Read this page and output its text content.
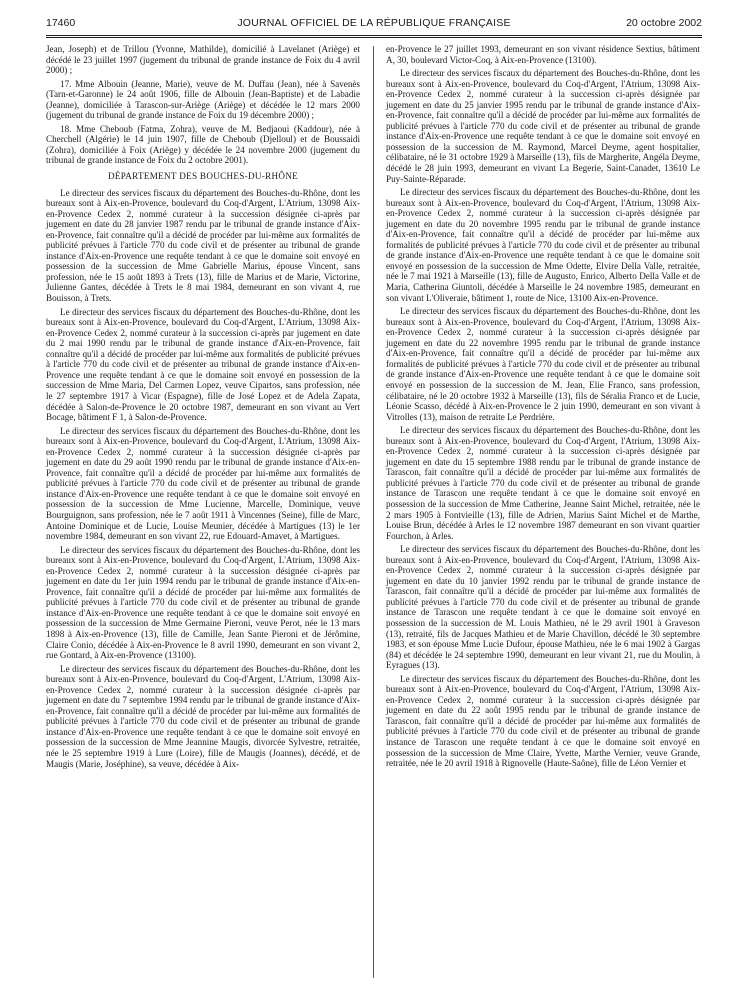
17460	JOURNAL OFFICIEL DE LA RÉPUBLIQUE FRANÇAISE	20 octobre 2002

Jean, Joseph) et de Trillou (Yvonne, Mathilde), domicilié à Lavelanet (Ariège) et décédé le 23 juillet 1997 (jugement du tribunal de grande instance de Foix du 4 avril 2000) ;

17. Mme Albouin (Jeanne, Marie), veuve de M. Duffau (Jean), née à Savenès (Tarn-et-Garonne) le 24 août 1906, fille de Albouin (Jean-Baptiste) et de Labadie (Jeanne), domiciliée à Tarascon-sur-Ariège (Ariège) et décédée le 12 mars 2000 (jugement du tribunal de grande instance de Foix du 19 décembre 2000) ;

18. Mme Cheboub (Fatma, Zohra), veuve de M. Bedjaoui (Kaddour), née à Cherchell (Algérie) le 14 juin 1907, fille de Cheboub (Djelloul) et de Boussaidi (Zohra), domiciliée à Foix (Ariège) y décédée le 24 novembre 2000 (jugement du tribunal de grande instance de Foix du 2 octobre 2001).

DÉPARTEMENT DES BOUCHES-DU-RHÔNE

Le directeur des services fiscaux du département des Bouches-du-Rhône, dont les bureaux sont à Aix-en-Provence, boulevard du Coq-d'Argent, L'Atrium, 13098 Aix-en-Provence Cedex 2, nommé curateur à la succession désignée ci-après par jugement en date du 28 janvier 1987 rendu par le tribunal de grande instance d'Aix-en-Provence, fait connaître qu'il a décidé de procéder par lui-même aux formalités de publicité prévues à l'article 770 du code civil et de présenter au tribunal de grande instance d'Aix-en-Provence une requête tendant à ce que le domaine soit envoyé en possession de la succession de Mme Gabrielle Marius, épouse Vincent, sans profession, née le 15 août 1893 à Trets (13), fille de Marius et de Marie, Victorine, Julienne Gantes, décédée à Trets le 8 mai 1984, demeurant en son vivant 4, rue Bouisson, à Trets.

Le directeur des services fiscaux du département des Bouches-du-Rhône, dont les bureaux sont à Aix-en-Provence, boulevard du Coq-d'Argent, L'Atrium, 13098 Aix-en-Provence Cedex 2, nommé curateur à la succession ci-après par jugement en date du 2 mai 1990 rendu par le tribunal de grande instance d'Aix-en-Provence, fait connaître qu'il a décidé de procéder par lui-même aux formalités de publicité prévues à l'article 770 du code civil et de présenter au tribunal de grande instance d'Aix-en-Provence une requête tendant à ce que le domaine soit envoyé en possession de la succession de Mme Maria, Del Carmen Lopez, veuve Cipartos, sans profession, née le 27 septembre 1917 à Vicar (Espagne), fille de José Lopez et de Adela Zapata, décédée à Salon-de-Provence le 20 octobre 1987, demeurant en son vivant au Vert Bocage, bâtiment F 1, à Salon-de-Provence.

Le directeur des services fiscaux du département des Bouches-du-Rhône, dont les bureaux sont à Aix-en-Provence, boulevard du Coq-d'Argent, L'Atrium, 13098 Aix-en-Provence Cedex 2, nommé curateur à la succession désignée ci-après par jugement en date du 29 août 1990 rendu par le tribunal de grande instance d'Aix-en-Provence, fait connaître qu'il a décidé de procéder par lui-même aux formalités de publicité prévues à l'article 770 du code civil et de présenter au tribunal de grande instance d'Aix-en-Provence une requête tendant à ce que le domaine soit envoyé en possession de la succession de Mme Lucienne, Marcelle, Dominique, veuve Bourguignon, sans profession, née le 7 août 1911 à Vincennes (Seine), fille de Marc, Antoine Dominique et de Lucie, Louise Meunier, décédée à Martigues (13) le 1er novembre 1984, demeurant en son vivant 22, rue Edouard-Amavet, à Martigues.

Le directeur des services fiscaux du département des Bouches-du-Rhône, dont les bureaux sont à Aix-en-Provence, boulevard du Coq-d'Argent, L'Atrium, 13098 Aix-en-Provence Cedex 2, nommé curateur à la succession désignée ci-après par jugement en date du 1er juin 1994 rendu par le tribunal de grande instance d'Aix-en-Provence, fait connaître qu'il a décidé de procéder par lui-même aux formalités de publicité prévues à l'article 770 du code civil et de présenter au tribunal de grande instance d'Aix-en-Provence une requête tendant à ce que le domaine soit envoyé en possession de la succession de Mme Germaine Pieroni, veuve Perot, née le 13 mars 1898 à Aix-en-Provence (13), fille de Camille, Jean Sante Pieroni et de Jérômine, Claire Conio, décédée à Aix-en-Provence le 8 avril 1990, demeurant en son vivant 2, rue Gontard, à Aix-en-Provence (13100).

Le directeur des services fiscaux du département des Bouches-du-Rhône, dont les bureaux sont à Aix-en-Provence, boulevard du Coq-d'Argent, L'Atrium, 13098 Aix-en-Provence Cedex 2, nommé curateur à la succession désignée ci-après par jugement en date du 7 septembre 1994 rendu par le tribunal de grande instance d'Aix-en-Provence, fait connaître qu'il a décidé de procéder par lui-même aux formalités de publicité prévues à l'article 770 du code civil et de présenter au tribunal de grande instance d'Aix-en-Provence une requête tendant à ce que le domaine soit envoyé en possession de la succession de Mme Jeannine Maugis, divorcée Sylvestre, retraitée, née le 25 septembre 1919 à Lure (Loire), fille de Maugis (Joannes), décédé, et de Maugis (Marie, Joséphine), sa veuve, décédée à Aix-

en-Provence le 27 juillet 1993, demeurant en son vivant résidence Sextius, bâtiment A, 30, boulevard Victor-Coq, à Aix-en-Provence (13100).

Le directeur des services fiscaux du département des Bouches-du-Rhône, dont les bureaux sont à Aix-en-Provence, boulevard du Coq-d'Argent, l'Atrium, 13098 Aix-en-Provence Cedex 2, nommé curateur à la succession ci-après désignée par jugement en date du 25 janvier 1995 rendu par le tribunal de grande instance d'Aix-en-Provence, fait connaître qu'il a décidé de procéder par lui-même aux formalités de publicité prévues à l'article 770 du code civil et de présenter au tribunal de grande instance d'Aix-en-Provence une requête tendant à ce que le domaine soit envoyé en possession de la succession de M. Raymond, Marcel Deyme, agent hospitalier, célibataire, né le 31 octobre 1929 à Marseille (13), fils de Margherite, Angéla Deyme, décédé le 28 juin 1993, demeurant en vivant La Begerie, Saint-Canadet, 13610 Le Puy-Sainte-Réparade.

Le directeur des services fiscaux du département des Bouches-du-Rhône, dont les bureaux sont à Aix-en-Provence, boulevard du Coq-d'Argent, l'Atrium, 13098 Aix-en-Provence Cedex 2, nommé curateur à la succession ci-après désignée par jugement en date du 20 novembre 1995 rendu par le tribunal de grande instance d'Aix-en-Provence, fait connaître qu'il a décidé de procéder par lui-même aux formalités de publicité prévues à l'article 770 du code civil et de présenter au tribunal de grande instance d'Aix-en-Provence une requête tendant à ce que le domaine soit envoyé en possession de la succession de Mme Odette, Elvire Della Valle, retraitée, née le 7 mai 1921 à Marseille (13), fille de Augusto, Enrico, Alberto Della Valle et de Maria, Catherina Giuntoli, décédée à Marseille le 24 novembre 1985, demeurant en son vivant L'Oliveraie, bâtiment 1, route de Nice, 13100 Aix-en-Provence.

Le directeur des services fiscaux du département des Bouches-du-Rhône, dont les bureaux sont à Aix-en-Provence, boulevard du Coq-d'Argent, l'Atrium, 13098 Aix-en-Provence Cedex 2, nommé curateur à la succession ci-après désignée par jugement en date du 22 novembre 1995 rendu par le tribunal de grande instance d'Aix-en-Provence, fait connaître qu'il a décidé de procéder par lui-même aux formalités de publicité prévues à l'article 770 du code civil et de présenter au tribunal de grande instance d'Aix-en-Provence une requête tendant à ce que le domaine soit envoyé en possession de la succession de M. Jean, Elie Franco, sans profession, célibataire, né le 20 octobre 1932 à Marseille (13), fils de Séralia Franco et de Lucie, Léonie Scasso, décédé à Aix-en-Provence le 2 juin 1990, demeurant en son vivant à Vitrolles (13), maison de retraite Le Perdrière.

Le directeur des services fiscaux du département des Bouches-du-Rhône, dont les bureaux sont à Aix-en-Provence, boulevard du Coq-d'Argent, l'Atrium, 13098 Aix-en-Provence Cedex 2, nommé curateur à la succession ci-après désignée par jugement en date du 15 septembre 1988 rendu par le tribunal de grande instance de Tarascon, fait connaître qu'il a décidé de procéder par lui-même aux formalités de publicité prévues à l'article 770 du code civil et de présenter au tribunal de grande instance de Tarascon une requête tendant à ce que le domaine soit envoyé en possession de la succession de Mme Catherine, Jeanne Saint Michel, retraitée, née le 2 mars 1905 à Fontvieille (13), fille de Adrien, Marius Saint Michel et de Marthe, Louise Brun, décédée à Arles le 12 novembre 1987 demeurant en son vivant quartier Fourchon, à Arles.

Le directeur des services fiscaux du département des Bouches-du-Rhône, dont les bureaux sont à Aix-en-Provence, boulevard du Coq-d'Argent, l'Atrium, 13098 Aix-en-Provence Cedex 2, nommé curateur à la succession ci-après désignée par jugement en date du 10 janvier 1992 rendu par le tribunal de grande instance de Tarascon, fait connaître qu'il a décidé de procéder par lui-même aux formalités de publicité prévues à l'article 770 du code civil et de présenter au tribunal de grande instance de Tarascon une requête tendant à ce que le domaine soit envoyé en possession de la succession de M. Louis Mathieu, né le 29 avril 1901 à Graveson (13), retraité, fils de Jacques Mathieu et de Marie Chavillon, décédé le 30 septembre 1983, et son épouse Mme Lucie Dufour, épouse Mathieu, née le 6 mai 1902 à Gargas (84) et décédée le 24 septembre 1990, demeurant en leur vivant 21, rue du Moulin, à Eyragues (13).

Le directeur des services fiscaux du département des Bouches-du-Rhône, dont les bureaux sont à Aix-en-Provence, boulevard du Coq-d'Argent, l'Atrium, 13098 Aix-en-Provence Cedex 2, nommé curateur à la succession ci-après désignée par jugement en date du 22 août 1995 rendu par le tribunal de grande instance de Tarascon, fait connaître qu'il a décidé de procéder par lui-même aux formalités de publicité prévues à l'article 770 du code civil et de présenter au tribunal de grande instance de Tarascon une requête tendant à ce que le domaine soit envoyé en possession de la succession de Mme Claire, Yvette, Marthe Vernier, veuve Grande, retraitée, née le 20 avril 1918 à Rignovelle (Haute-Saône), fille de Léon Vernier et
